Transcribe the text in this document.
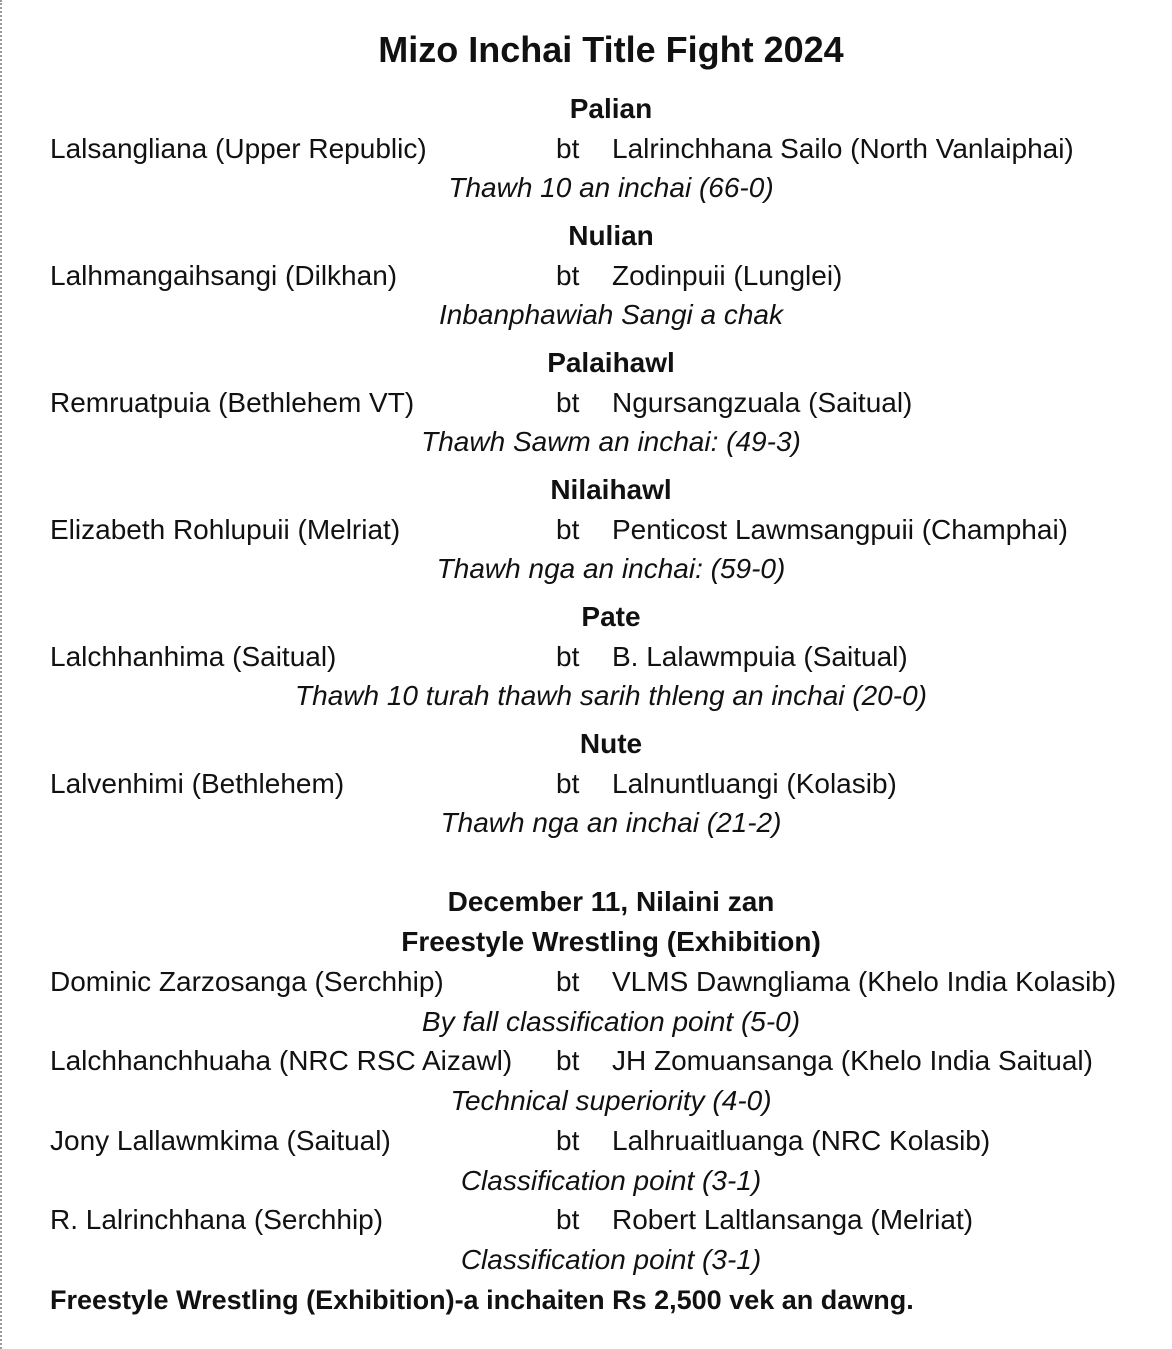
Mizo Inchai Title Fight 2024
Palian
Lalsangliana (Upper Republic)	bt Lalrinchhana Sailo (North Vanlaiphai)
Thawh 10 an inchai (66-0)
Nulian
Lalhmangaihsangi (Dilkhan)	bt Zodinpuii (Lunglei)
Inbanphawiah Sangi a chak
Palaihawl
Remruatpuia (Bethlehem VT)	bt Ngursangzuala (Saitual)
Thawh Sawm an inchai: (49-3)
Nilaihawl
Elizabeth Rohlupuii (Melriat)	bt Penticost Lawmsangpuii (Champhai)
Thawh nga an inchai: (59-0)
Pate
Lalchhanhima (Saitual)	bt B. Lalawmpuia (Saitual)
Thawh 10 turah thawh sarih thleng an inchai (20-0)
Nute
Lalvenhimi (Bethlehem)	bt Lalnuntluangi (Kolasib)
Thawh nga an inchai (21-2)
December 11, Nilaini zan
Freestyle Wrestling (Exhibition)
Dominic Zarzosanga (Serchhip)	bt VLMS Dawngliama (Khelo India Kolasib)
By fall classification point (5-0)
Lalchhanchhuaha (NRC RSC Aizawl) bt JH Zomuansanga (Khelo India Saitual)
Technical superiority (4-0)
Jony Lallawmkima (Saitual)	bt Lalhruaitluanga (NRC Kolasib)
Classification point (3-1)
R. Lalrinchhana (Serchhip)	bt Robert Laltlansanga (Melriat)
Classification point (3-1)
Freestyle Wrestling (Exhibition)-a inchaiten Rs 2,500 vek an dawng.
